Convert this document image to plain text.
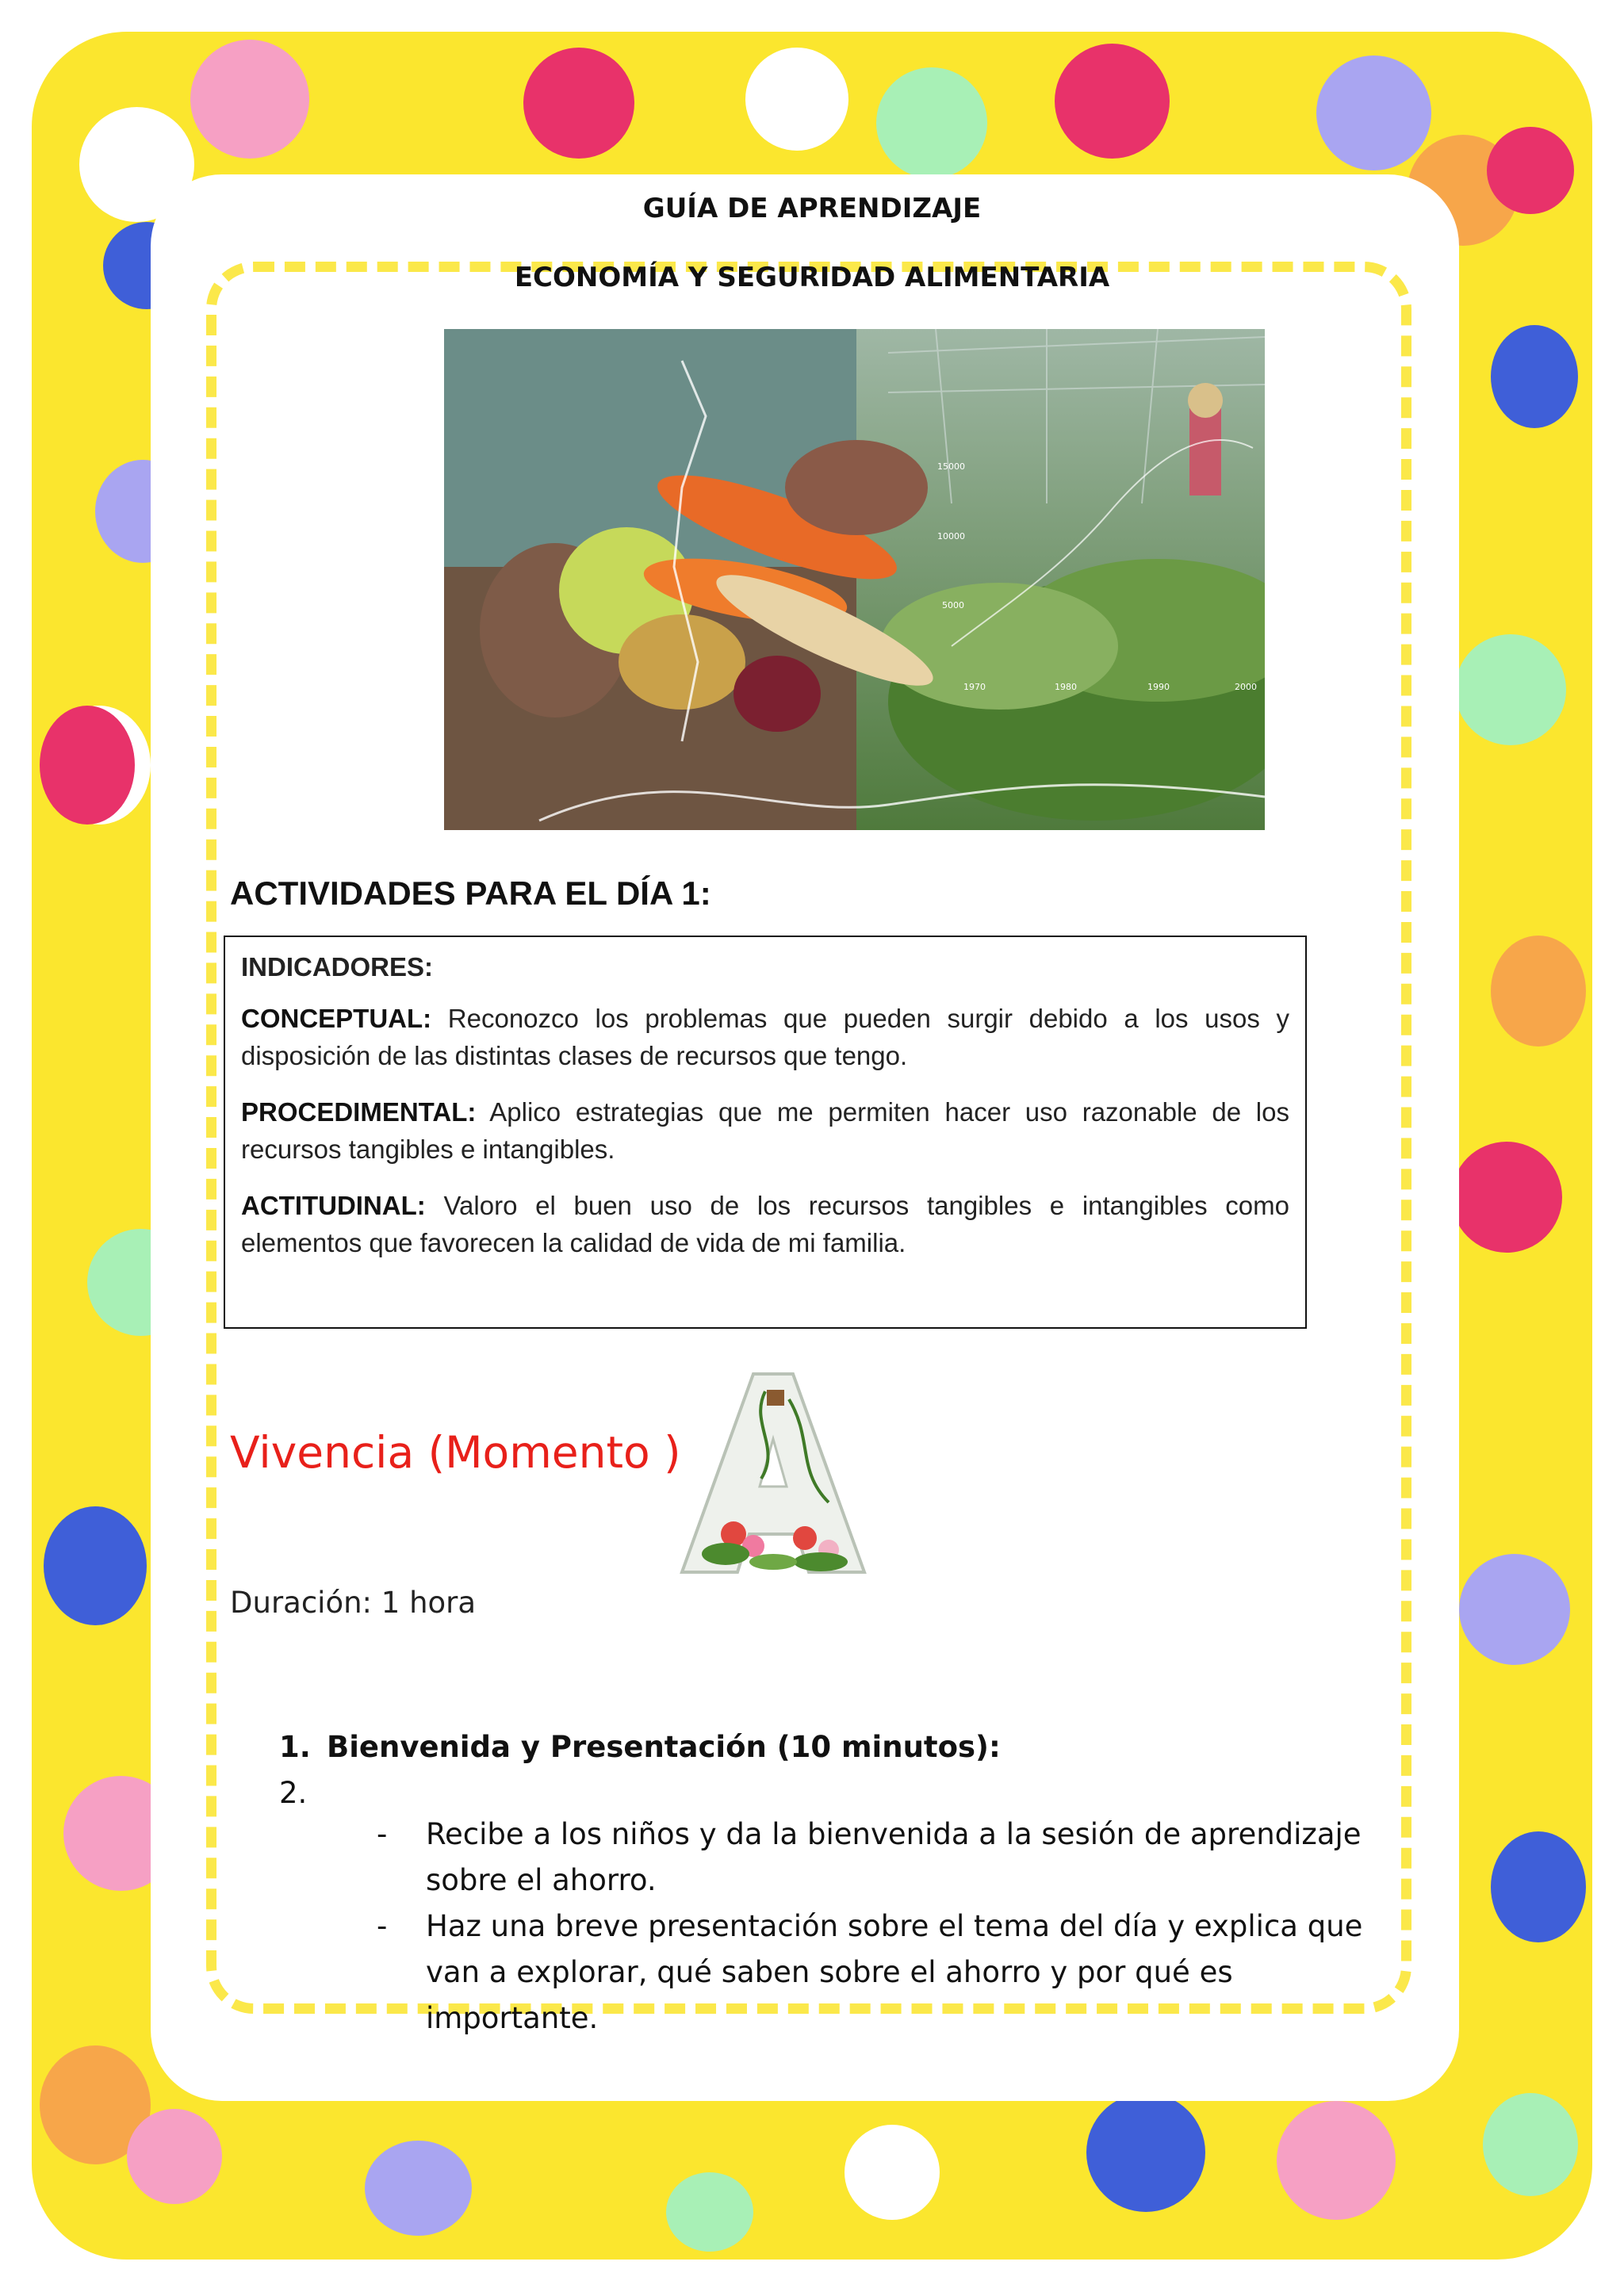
GUÍA DE APRENDIZAJE
ECONOMÍA Y SEGURIDAD ALIMENTARIA
15000
10000
5000
1970	1980	1990	2000
ACTIVIDADES PARA EL DÍA 1:
INDICADORES:
CONCEPTUAL: Reconozco los problemas que pueden surgir debido a los usos y disposición de las distintas clases de recursos que tengo.
PROCEDIMENTAL: Aplico estrategias que me permiten hacer uso razonable de los recursos tangibles e intangibles.
ACTITUDINAL: Valoro el buen uso de los recursos tangibles e intangibles como elementos que favorecen la calidad de vida de mi familia.
Vivencia (Momento )
Duración: 1 hora
1. Bienvenida y Presentación (10 minutos):
2.
- Recibe a los niños y da la bienvenida a la sesión de aprendizaje sobre el ahorro.
- Haz una breve presentación sobre el tema del día y explica que van a explorar, qué saben sobre el ahorro y por qué es importante.
